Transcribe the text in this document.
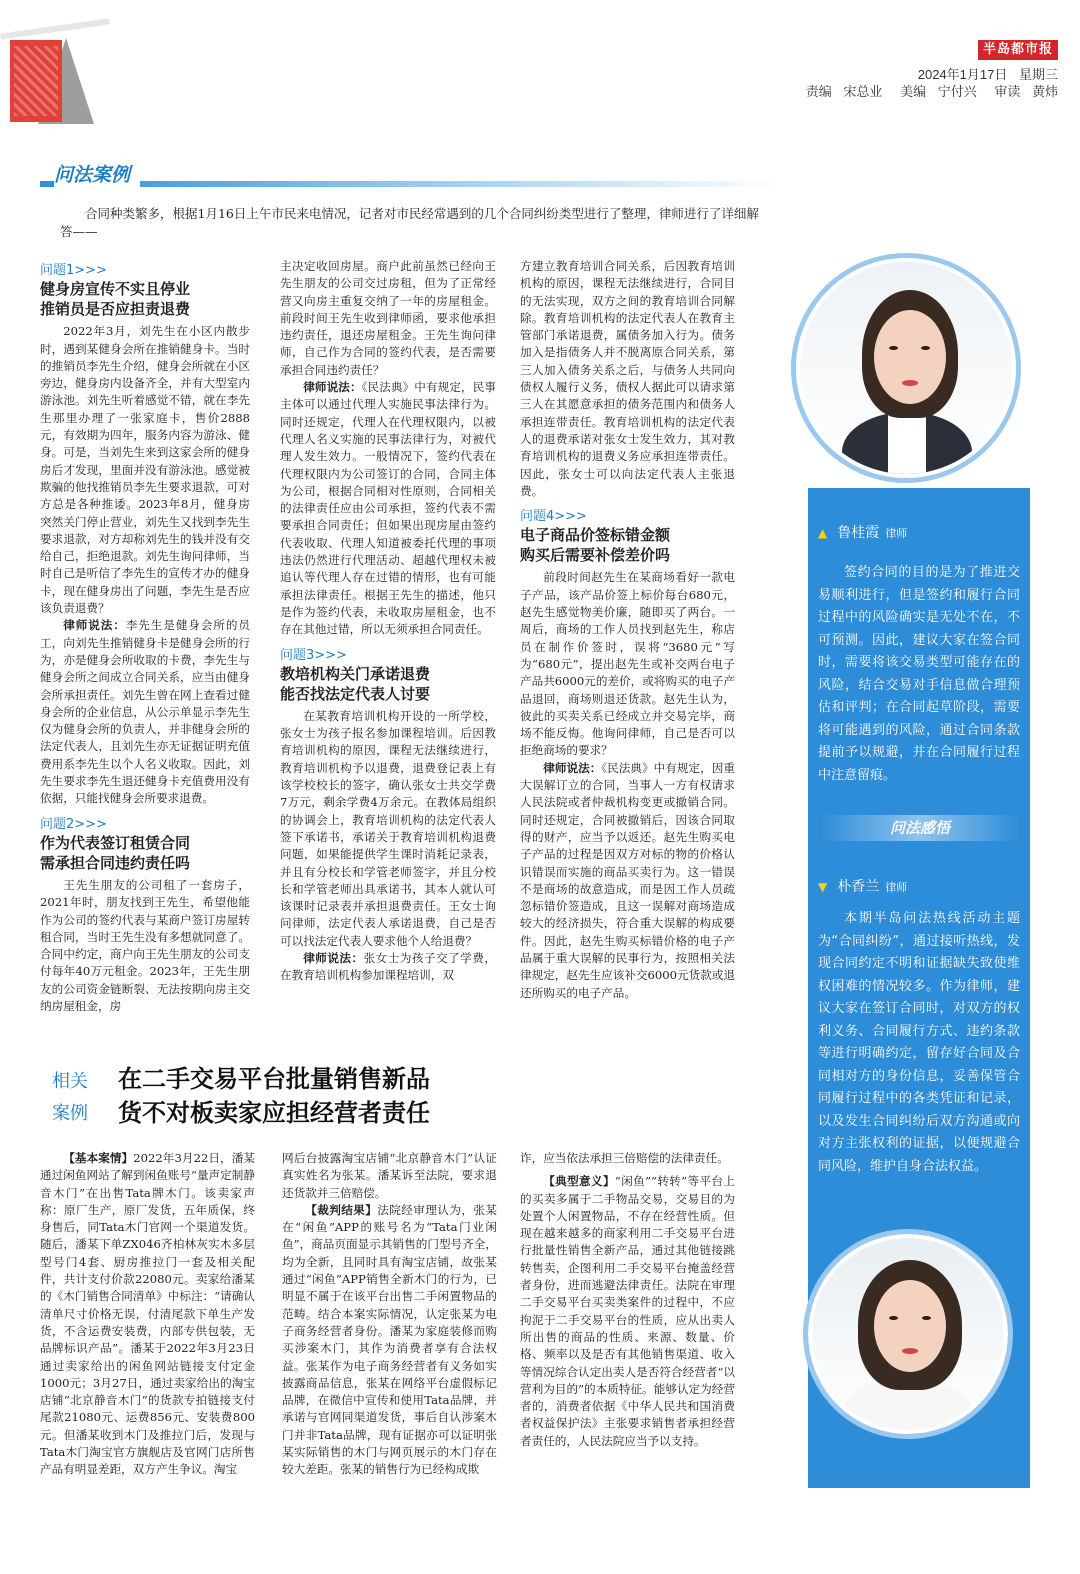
半岛都市报
2024年1月17日 星期三
责编 宋总业 美编 宁付兴 审读 黄炜
问法案例
合同种类繁多，根据1月16日上午市民来电情况，记者对市民经常遇到的几个合同纠纷类型进行了整理，律师进行了详细解答——
问题1>>>
健身房宣传不实且停业
推销员是否应担责退费

2022年3月，刘先生在小区内散步时，遇到某健身会所在推销健身卡。当时的推销员李先生介绍，健身会所就在小区旁边，健身房内设备齐全，并有大型室内游泳池。刘先生听着感觉不错，就在李先生那里办理了一张家庭卡，售价2888元，有效期为四年，服务内容为游泳、健身。可是，当刘先生来到这家会所的健身房后才发现，里面并没有游泳池。感觉被欺骗的他找推销员李先生要求退款，可对方总是各种推诿。2023年8月，健身房突然关门停止营业，刘先生又找到李先生要求退款，对方却称刘先生的钱并没有交给自己，拒绝退款。刘先生询问律师，当时自己是听信了李先生的宣传才办的健身卡，现在健身房出了问题，李先生是否应该负责退费？

律师说法：李先生是健身会所的员工，向刘先生推销健身卡是健身会所的行为，亦是健身会所收取的卡费，李先生与健身会所之间成立合同关系，应当由健身会所承担责任。刘先生曾在网上查看过健身会所的企业信息，从公示单显示李先生仅为健身会所的负责人，并非健身会所的法定代表人，且刘先生亦无证据证明充值费用系李先生以个人名义收取。因此，刘先生要求李先生退还健身卡充值费用没有依据，只能找健身会所要求退费。

问题2>>>
作为代表签订租赁合同
需承担合同违约责任吗

王先生朋友的公司租了一套房子，2021年时，朋友找到王先生，希望他能作为公司的签约代表与某商户签订房屋转租合同，当时王先生没有多想就同意了。合同中约定，商户向王先生朋友的公司支付每年40万元租金。2023年，王先生朋友的公司资金链断裂、无法按期向房主交纳房屋租金，房

主决定收回房屋。商户此前虽然已经向王先生朋友的公司交过房租，但为了正常经营又向房主重复交纳了一年的房屋租金。前段时间王先生收到律师函，要求他承担违约责任，退还房屋租金。王先生询问律师，自己作为合同的签约代表，是否需要承担合同违约责任？

律师说法：《民法典》中有规定，民事主体可以通过代理人实施民事法律行为。同时还规定，代理人在代理权限内，以被代理人名义实施的民事法律行为，对被代理人发生效力。一般情况下，签约代表在代理权限内为公司签订的合同，合同主体为公司，根据合同相对性原则，合同相关的法律责任应由公司承担，签约代表不需要承担合同责任；但如果出现房屋由签约代表收取、代理人知道被委托代理的事项违法仍然进行代理活动、超越代理权未被追认等代理人存在过错的情形，也有可能承担法律责任。根据王先生的描述，他只是作为签约代表，未收取房屋租金，也不存在其他过错，所以无须承担合同责任。

问题3>>>
教培机构关门承诺退费
能否找法定代表人讨要

在某教育培训机构开设的一所学校，张女士为孩子报名参加课程培训。后因教育培训机构的原因，课程无法继续进行，教育培训机构予以退费，退费登记表上有该学校校长的签字，确认张女士共交学费7万元，剩余学费4万余元。在教体局组织的协调会上，教育培训机构的法定代表人签下承诺书，承诺关于教育培训机构退费问题，如果能提供学生课时消耗记录表，并且有分校长和学管老师签字，并且分校长和学管老师出具承诺书，其本人就认可该课时记录表并承担退费责任。王女士询问律师，法定代表人承诺退费，自己是否可以找法定代表人要求他个人给退费？

律师说法：张女士为孩子交了学费，在教育培训机构参加课程培训，双

方建立教育培训合同关系，后因教育培训机构的原因，课程无法继续进行，合同目的无法实现，双方之间的教育培训合同解除。教育培训机构的法定代表人在教育主管部门承诺退费，属债务加入行为。债务加入是指债务人并不脱离原合同关系，第三人加入债务关系之后，与债务人共同向债权人履行义务，债权人据此可以请求第三人在其愿意承担的债务范围内和债务人承担连带责任。教育培训机构的法定代表人的退费承诺对张女士发生效力，其对教育培训机构的退费义务应承担连带责任。因此，张女士可以向法定代表人主张退费。

问题4>>>
电子商品价签标错金额
购买后需要补偿差价吗

前段时间赵先生在某商场看好一款电子产品，该产品价签上标价每台680元，赵先生感觉物美价廉，随即买了两台。一周后，商场的工作人员找到赵先生，称店员在制作价签时，误将“3680元”写为“680元”，提出赵先生或补交两台电子产品共6000元的差价，或将购买的电子产品退回，商场则退还货款。赵先生认为，彼此的买卖关系已经成立并交易完毕，商场不能反悔。他询问律师，自己是否可以拒绝商场的要求？

律师说法：《民法典》中有规定，因重大误解订立的合同，当事人一方有权请求人民法院或者仲裁机构变更或撤销合同。同时还规定，合同被撤销后，因该合同取得的财产，应当予以返还。赵先生购买电子产品的过程是因双方对标的物的价格认识错误而实施的商品买卖行为。这一错误不是商场的故意造成，而是因工作人员疏忽标错价签造成，且这一误解对商场造成较大的经济损失，符合重大误解的构成要件。因此，赵先生购买标错价格的电子产品属于重大误解的民事行为，按照相关法律规定，赵先生应该补交6000元货款或退还所购买的电子产品。

相关
案例
在二手交易平台批量销售新品
货不对板卖家应担经营者责任

【基本案情】2022年3月22日，潘某通过闲鱼网站了解到闲鱼账号“量声定制静音木门”在出售Tata牌木门。该卖家声称：原厂生产，原厂发货，五年质保，终身售后，同Tata木门官网一个渠道发货。随后，潘某下单ZX046齐柏林灰实木多层型号门4套、厨房推拉门一套及相关配件，共计支付价款22080元。卖家给潘某的《木门销售合同清单》中标注：“请确认清单尺寸价格无误，付清尾款下单生产发货，不含运费安装费，内部专供包装，无品牌标识产品”。潘某于2022年3月23日通过卖家给出的闲鱼网站链接支付定金1000元；3月27日，通过卖家给出的淘宝店铺“北京静音木门”的货款专拍链接支付尾款21080元、运费856元、安装费800元。但潘某收到木门及推拉门后，发现与Tata木门淘宝官方旗舰店及官网门店所售产品有明显差距，双方产生争议。淘宝

网后台披露淘宝店铺“北京静音木门”认证真实姓名为张某。潘某诉至法院，要求退还货款并三倍赔偿。

【裁判结果】法院经审理认为，张某在“闲鱼”APP的账号名为“Tata门业闲鱼”，商品页面显示其销售的门型号齐全，均为全新，且同时具有淘宝店铺，故张某通过“闲鱼”APP销售全新木门的行为，已明显不属于在该平台出售二手闲置物品的范畴。结合本案实际情况，认定张某为电子商务经营者身份。潘某为家庭装修而购买涉案木门，其作为消费者享有合法权益。张某作为电子商务经营者有义务如实披露商品信息，张某在网络平台虚假标记品牌，在微信中宣传和使用Tata品牌，并承诺与官网同渠道发货，事后自认涉案木门并非Tata品牌，现有证据亦可以证明张某实际销售的木门与网页展示的木门存在较大差距。张某的销售行为已经构成欺

诈，应当依法承担三倍赔偿的法律责任。

【典型意义】“闲鱼”“转转”等平台上的买卖多属于二手物品交易，交易目的为处置个人闲置物品，不存在经营性质。但现在越来越多的商家利用二手交易平台进行批量性销售全新产品，通过其他链接跳转售卖，企图利用二手交易平台掩盖经营者身份，进而逃避法律责任。法院在审理二手交易平台买卖类案件的过程中，不应拘泥于二手交易平台的性质，应从出卖人所出售的商品的性质、来源、数量、价格、频率以及是否有其他销售渠道、收入等情况综合认定出卖人是否符合经营者“以营利为目的”的本质特征。能够认定为经营者的，消费者依据《中华人民共和国消费者权益保护法》主张要求销售者承担经营者责任的，人民法院应当予以支持。

▲ 鲁桂霞 律师
签约合同的目的是为了推进交易顺利进行，但是签约和履行合同过程中的风险确实是无处不在，不可预测。因此，建议大家在签合同时，需要将该交易类型可能存在的风险，结合交易对手信息做合理预估和评判；在合同起草阶段，需要将可能遇到的风险，通过合同条款提前予以规避，并在合同履行过程中注意留痕。
问法感悟
▼ 朴香兰 律师
本期半岛问法热线活动主题为“合同纠纷”，通过接听热线，发现合同约定不明和证据缺失致使维权困难的情况较多。作为律师，建议大家在签订合同时，对双方的权利义务、合同履行方式、违约条款等进行明确约定，留存好合同及合同相对方的身份信息，妥善保管合同履行过程中的各类凭证和记录，以及发生合同纠纷后双方沟通或向对方主张权利的证据，以便规避合同风险，维护自身合法权益。
